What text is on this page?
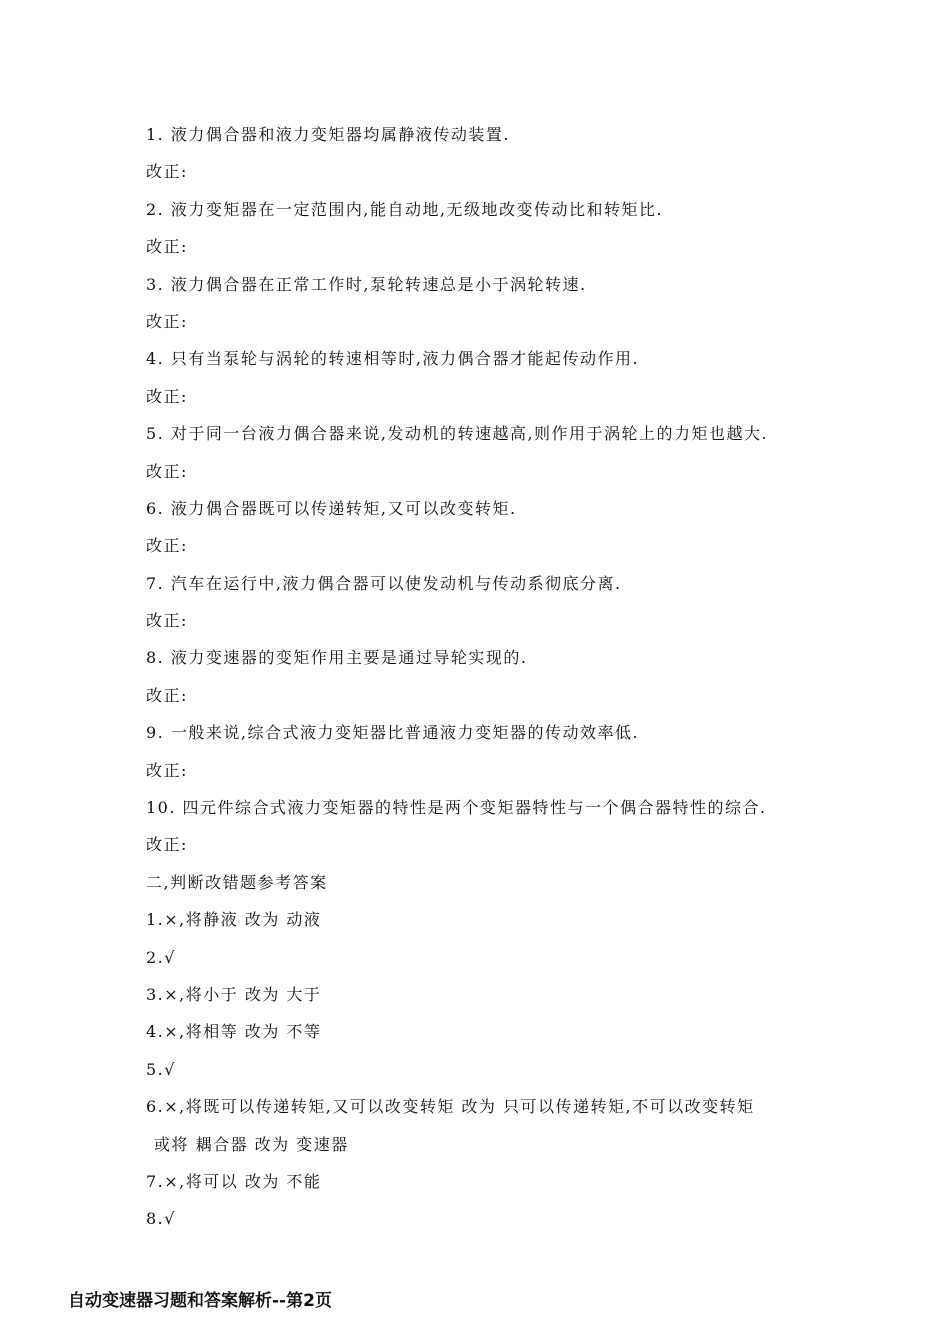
1. 液力偶合器和液力变矩器均属静液传动装置.
改正:
2. 液力变矩器在一定范围内,能自动地,无级地改变传动比和转矩比.
改正:
3. 液力偶合器在正常工作时,泵轮转速总是小于涡轮转速.
改正:
4. 只有当泵轮与涡轮的转速相等时,液力偶合器才能起传动作用.
改正:
5. 对于同一台液力偶合器来说,发动机的转速越高,则作用于涡轮上的力矩也越大.
改正:
6. 液力偶合器既可以传递转矩,又可以改变转矩.
改正:
7. 汽车在运行中,液力偶合器可以使发动机与传动系彻底分离.
改正:
8. 液力变速器的变矩作用主要是通过导轮实现的.
改正:
9. 一般来说,综合式液力变矩器比普通液力变矩器的传动效率低.
改正:
10. 四元件综合式液力变矩器的特性是两个变矩器特性与一个偶合器特性的综合.
改正:
二,判断改错题参考答案
1.×,将静液 改为 动液
2.√
3.×,将小于 改为 大于
4.×,将相等 改为 不等
5.√
6.×,将既可以传递转矩,又可以改变转矩 改为 只可以传递转矩,不可以改变转矩
或将 耦合器 改为 变速器
7.×,将可以 改为 不能
8.√
自动变速器习题和答案解析--第2页
